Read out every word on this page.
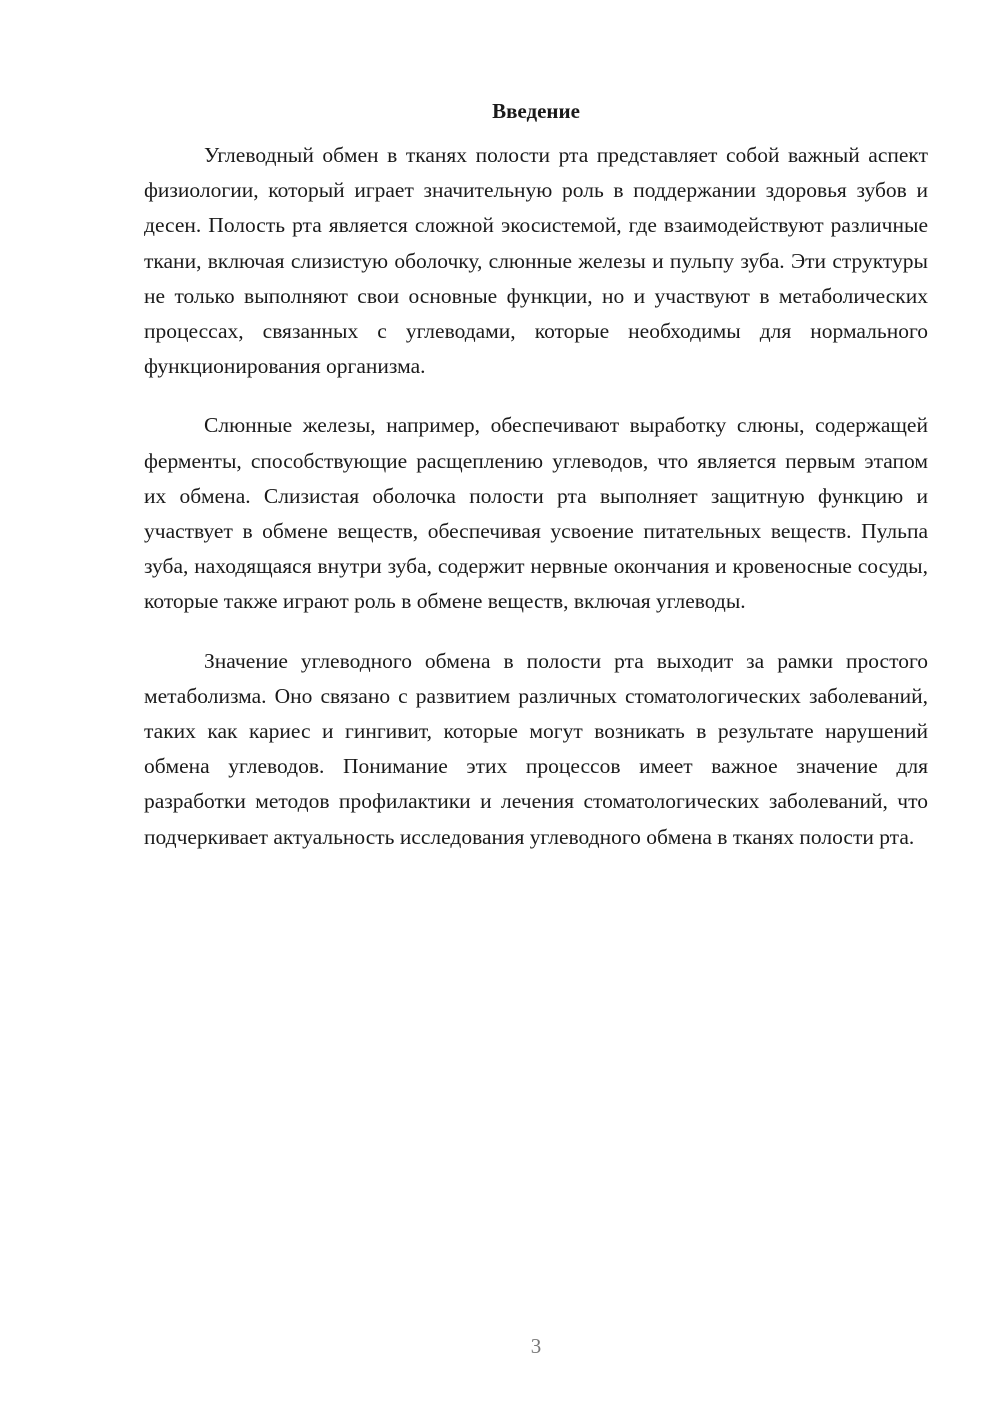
Введение

Углеводный обмен в тканях полости рта представляет собой важный аспект физиологии, который играет значительную роль в поддержании здоровья зубов и десен. Полость рта является сложной экосистемой, где взаимодействуют различные ткани, включая слизистую оболочку, слюнные железы и пульпу зуба. Эти структуры не только выполняют свои основные функции, но и участвуют в метаболических процессах, связанных с углеводами, которые необходимы для нормального функционирования организма.

Слюнные железы, например, обеспечивают выработку слюны, содержащей ферменты, способствующие расщеплению углеводов, что является первым этапом их обмена. Слизистая оболочка полости рта выполняет защитную функцию и участвует в обмене веществ, обеспечивая усвоение питательных веществ. Пульпа зуба, находящаяся внутри зуба, содержит нервные окончания и кровеносные сосуды, которые также играют роль в обмене веществ, включая углеводы.

Значение углеводного обмена в полости рта выходит за рамки простого метаболизма. Оно связано с развитием различных стоматологических заболеваний, таких как кариес и гингивит, которые могут возникать в результате нарушений обмена углеводов. Понимание этих процессов имеет важное значение для разработки методов профилактики и лечения стоматологических заболеваний, что подчеркивает актуальность исследования углеводного обмена в тканях полости рта.

3
